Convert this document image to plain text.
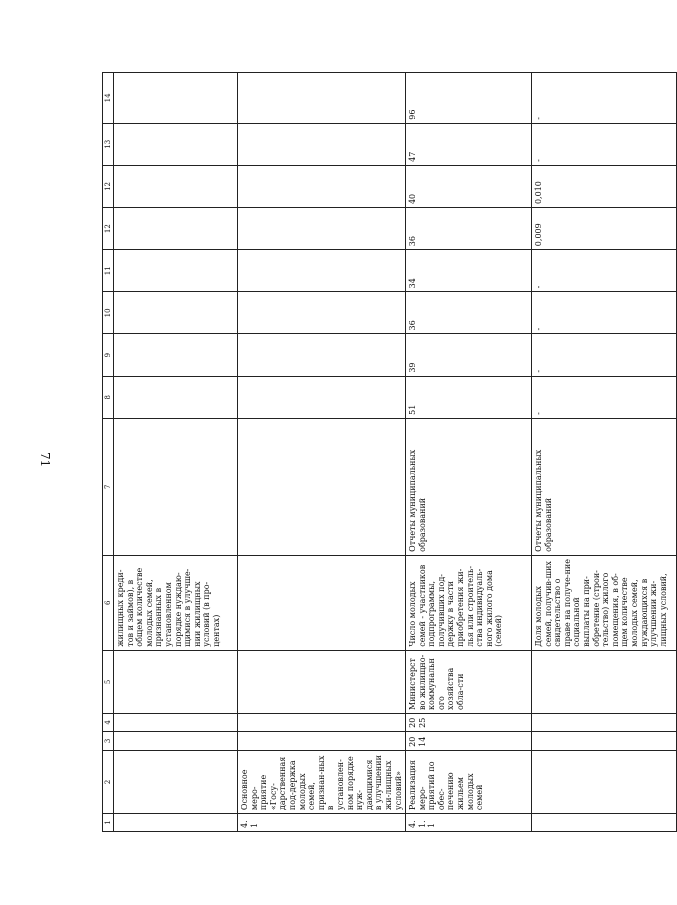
71
1	2	3	4	5	6	7	8	9	10	11	12	12	13	14
					жилищных креди-тов и займов), в общем количестве молодых семей, признанных в установленном порядке нуждаю-щимися в улучше-нии жилищных условий (в про-центах)									
4.1	Основное меро-приятие «Госу-дарственная под-держка молодых семей, признан-ных в установлен-ном порядке нуж-дающимися в улучшении жи-лищных условий»													
4.1.1	Реализация меро-приятий по обес-печению жильем молодых семей	2014	2025	Министерство жилищно-коммунального хозяйства обла-сти	Число молодых семей - участников подпрограммы, получивших под-держку в части приобретения жи-лья или строитель-ства индивидуаль-ного жилого дома (семей)	Отчеты муниципальных образований	51	39	36	34	36	40	47	96
					Доля молодых семей, получив-ших свидетельство о праве на получе-ние социальной выплаты на при-обретение (строи-тельство) жилого помещения, в об-щем количестве молодых семей, нуждающихся в улучшении жи-лищных условий,	Отчеты муниципальных образований	-	-	-	-	0,009	0,010	-	-
